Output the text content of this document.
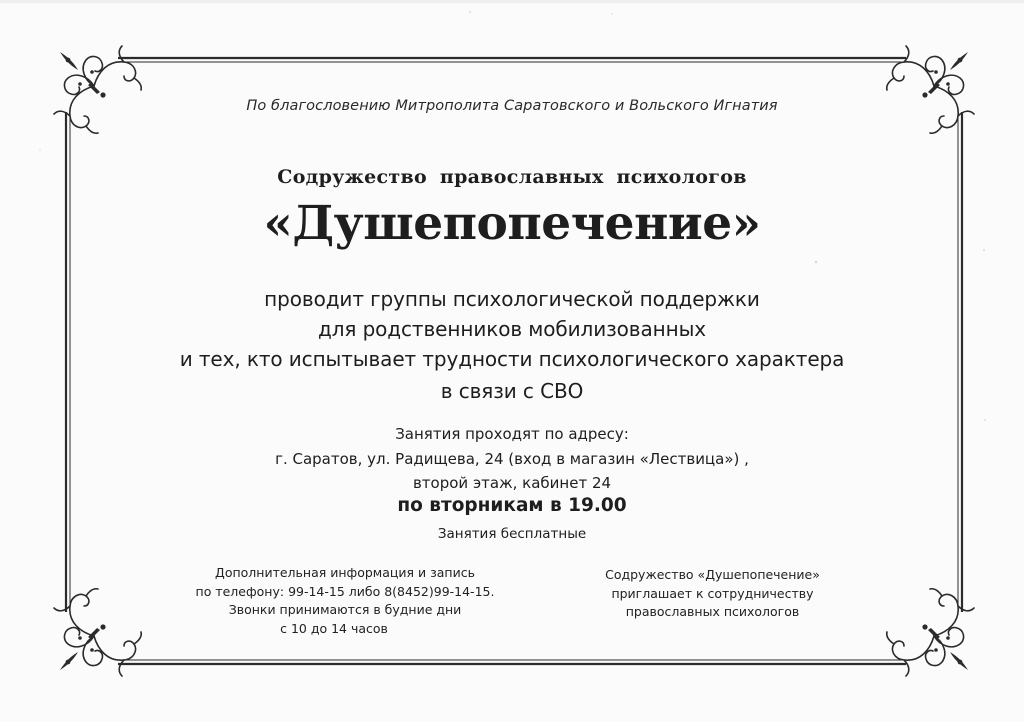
По благословению Митрополита Саратовского и Вольского Игнатия
Содружество православных психологов
«Душепопечение»
проводит группы психологической поддержки
для родственников мобилизованных
и тех, кто испытывает трудности психологического характера
в связи с СВО
Занятия проходят по адресу:
г. Саратов, ул. Радищева, 24 (вход в магазин «Лествица») ,
второй этаж, кабинет 24
по вторникам в 19.00
Занятия бесплатные
Дополнительная информация и запись
по телефону: 99-14-15 либо 8(8452)99-14-15.
Звонки принимаются в будние дни
с 10 до 14 часов
Содружество «Душепопечение»
приглашает к сотрудничеству
православных психологов
